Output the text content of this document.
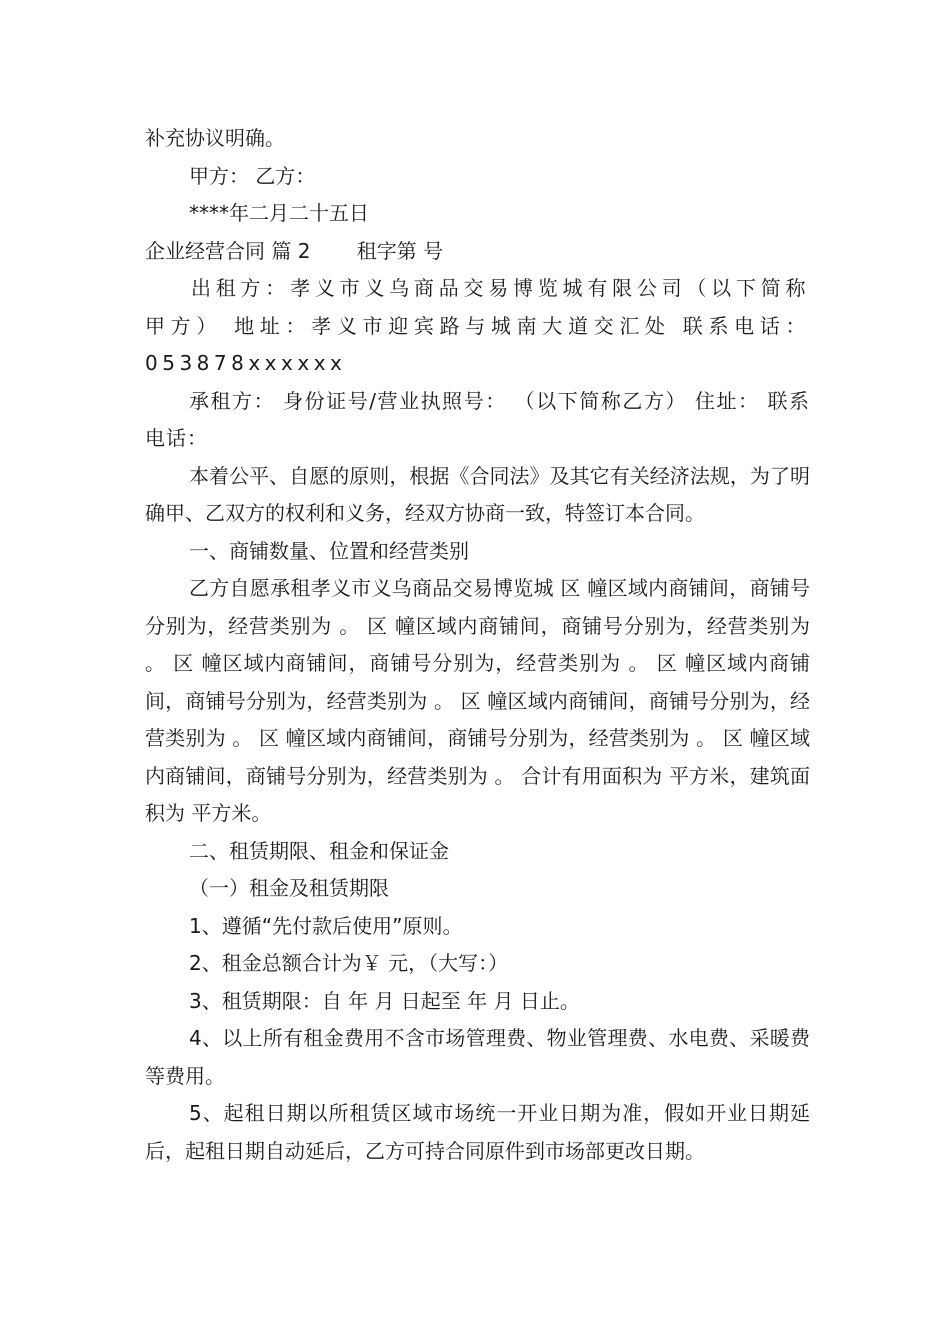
补充协议明确。

甲方： 乙方：

****年二月二十五日

企业经营合同 篇 2 　　租字第 号

出租方：孝义市义乌商品交易博览城有限公司（以下简称甲方） 地址：孝义市迎宾路与城南大道交汇处 联系电话：053878xxxxxx

承租方： 身份证号/营业执照号： （以下简称乙方） 住址： 联系电话：

本着公平、自愿的原则，根据《合同法》及其它有关经济法规，为了明确甲、乙双方的权利和义务，经双方协商一致，特签订本合同。

一、商铺数量、位置和经营类别

乙方自愿承租孝义市义乌商品交易博览城 区 幢区域内商铺间，商铺号分别为，经营类别为 。 区 幢区域内商铺间，商铺号分别为，经营类别为 。 区 幢区域内商铺间，商铺号分别为，经营类别为 。 区 幢区域内商铺间，商铺号分别为，经营类别为 。 区 幢区域内商铺间，商铺号分别为，经营类别为 。 区 幢区域内商铺间，商铺号分别为，经营类别为 。 区 幢区域内商铺间，商铺号分别为，经营类别为 。 合计有用面积为 平方米，建筑面积为 平方米。

二、租赁期限、租金和保证金

（一）租金及租赁期限

1、遵循“先付款后使用”原则。

2、租金总额合计为￥ 元，（大写：）

3、租赁期限：自 年 月 日起至 年 月 日止。

4、以上所有租金费用不含市场管理费、物业管理费、水电费、采暖费等费用。

5、起租日期以所租赁区域市场统一开业日期为准，假如开业日期延后，起租日期自动延后，乙方可持合同原件到市场部更改日期。
